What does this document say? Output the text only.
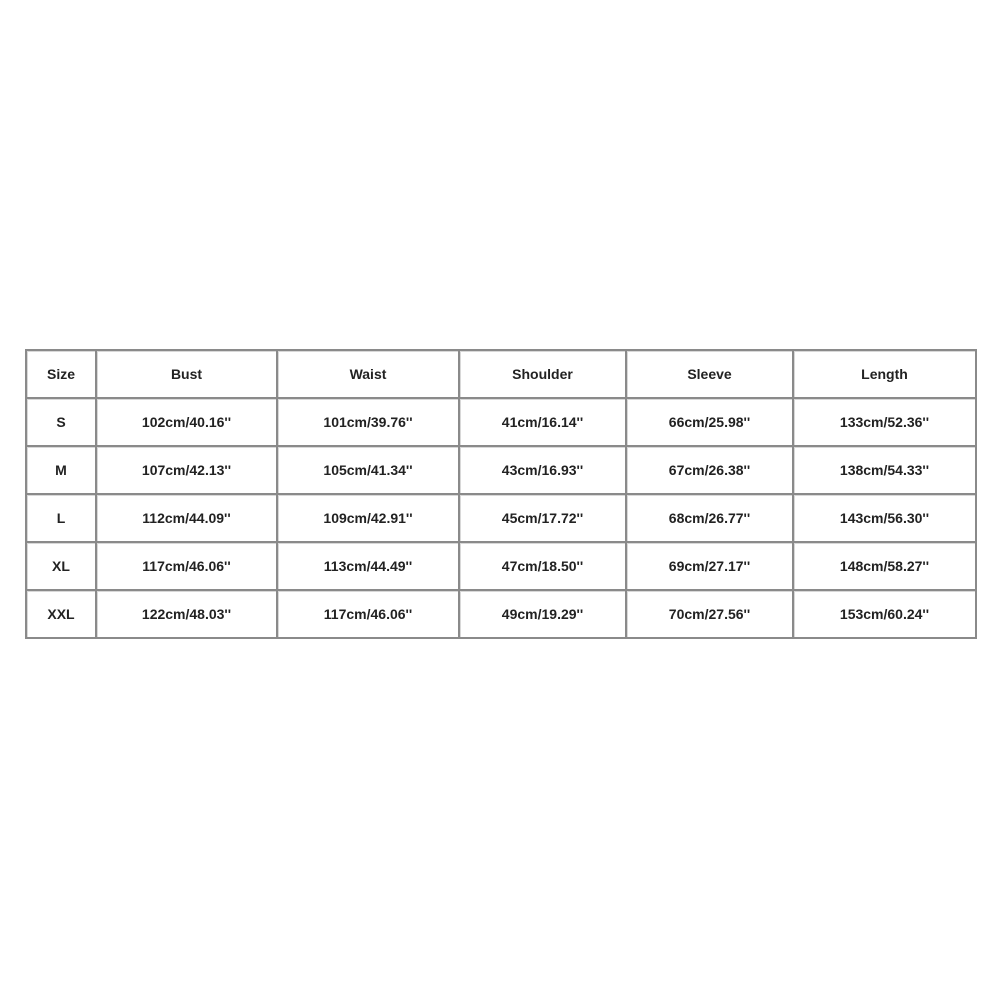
Size	Bust	Waist	Shoulder	Sleeve	Length
S	102cm/40.16''	101cm/39.76''	41cm/16.14''	66cm/25.98''	133cm/52.36''
M	107cm/42.13''	105cm/41.34''	43cm/16.93''	67cm/26.38''	138cm/54.33''
L	112cm/44.09''	109cm/42.91''	45cm/17.72''	68cm/26.77''	143cm/56.30''
XL	117cm/46.06''	113cm/44.49''	47cm/18.50''	69cm/27.17''	148cm/58.27''
XXL	122cm/48.03''	117cm/46.06''	49cm/19.29''	70cm/27.56''	153cm/60.24''
